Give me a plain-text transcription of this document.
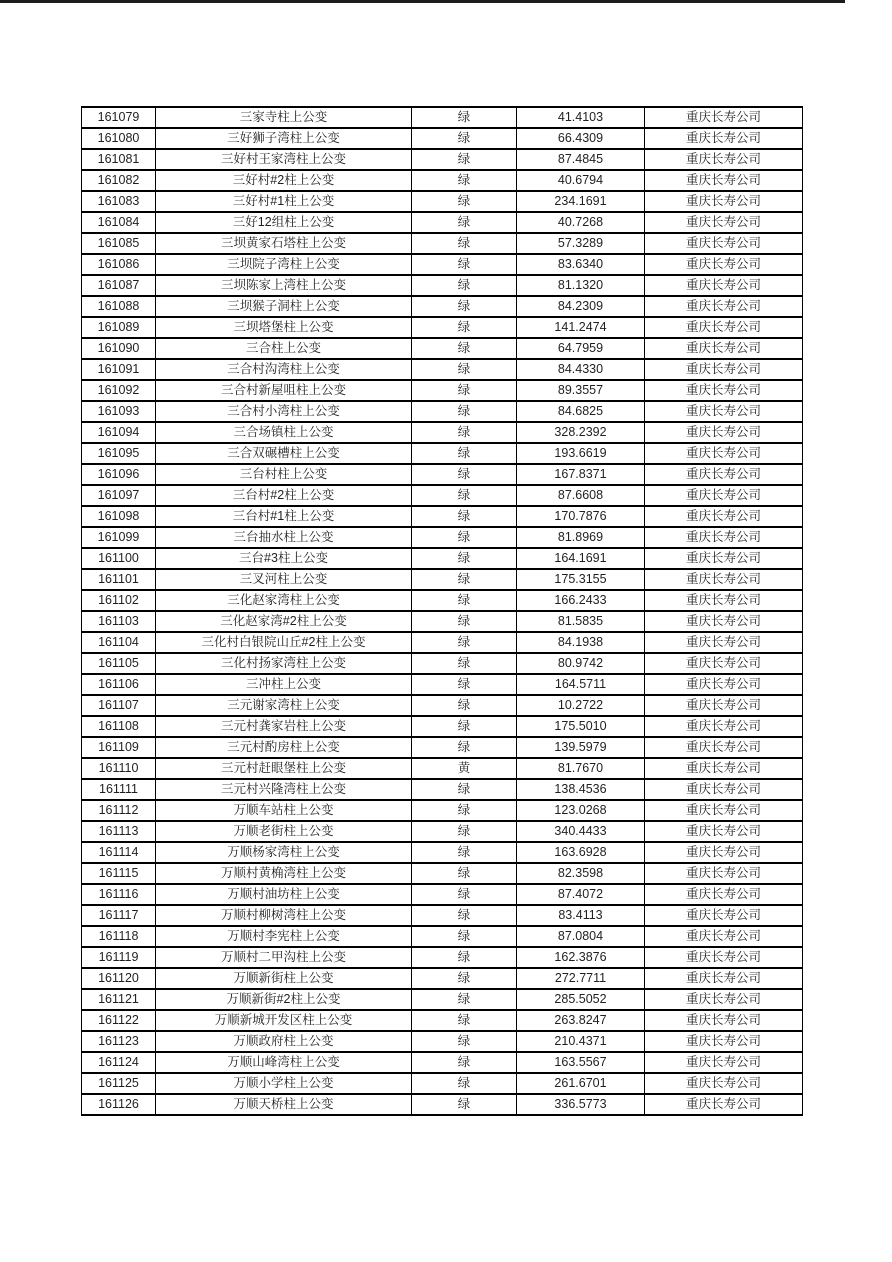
161079	三家寺柱上公变	绿	41.4103	重庆长寿公司
161080	三好狮子湾柱上公变	绿	66.4309	重庆长寿公司
161081	三好村王家湾柱上公变	绿	87.4845	重庆长寿公司
161082	三好村#2柱上公变	绿	40.6794	重庆长寿公司
161083	三好村#1柱上公变	绿	234.1691	重庆长寿公司
161084	三好12组柱上公变	绿	40.7268	重庆长寿公司
161085	三坝黄家石塔柱上公变	绿	57.3289	重庆长寿公司
161086	三坝院子湾柱上公变	绿	83.6340	重庆长寿公司
161087	三坝陈家上湾柱上公变	绿	81.1320	重庆长寿公司
161088	三坝猴子洞柱上公变	绿	84.2309	重庆长寿公司
161089	三坝塔堡柱上公变	绿	141.2474	重庆长寿公司
161090	三合柱上公变	绿	64.7959	重庆长寿公司
161091	三合村沟湾柱上公变	绿	84.4330	重庆长寿公司
161092	三合村新屋咀柱上公变	绿	89.3557	重庆长寿公司
161093	三合村小湾柱上公变	绿	84.6825	重庆长寿公司
161094	三合场镇柱上公变	绿	328.2392	重庆长寿公司
161095	三合双碾槽柱上公变	绿	193.6619	重庆长寿公司
161096	三台村柱上公变	绿	167.8371	重庆长寿公司
161097	三台村#2柱上公变	绿	87.6608	重庆长寿公司
161098	三台村#1柱上公变	绿	170.7876	重庆长寿公司
161099	三台抽水柱上公变	绿	81.8969	重庆长寿公司
161100	三台#3柱上公变	绿	164.1691	重庆长寿公司
161101	三叉河柱上公变	绿	175.3155	重庆长寿公司
161102	三化赵家湾柱上公变	绿	166.2433	重庆长寿公司
161103	三化赵家湾#2柱上公变	绿	81.5835	重庆长寿公司
161104	三化村白银院山丘#2柱上公变	绿	84.1938	重庆长寿公司
161105	三化村扬家湾柱上公变	绿	80.9742	重庆长寿公司
161106	三冲柱上公变	绿	164.5711	重庆长寿公司
161107	三元谢家湾柱上公变	绿	10.2722	重庆长寿公司
161108	三元村龚家岩柱上公变	绿	175.5010	重庆长寿公司
161109	三元村酌房柱上公变	绿	139.5979	重庆长寿公司
161110	三元村赶眼堡柱上公变	黄	81.7670	重庆长寿公司
161111	三元村兴隆湾柱上公变	绿	138.4536	重庆长寿公司
161112	万顺车站柱上公变	绿	123.0268	重庆长寿公司
161113	万顺老街柱上公变	绿	340.4433	重庆长寿公司
161114	万顺杨家湾柱上公变	绿	163.6928	重庆长寿公司
161115	万顺村黄桷湾柱上公变	绿	82.3598	重庆长寿公司
161116	万顺村油坊柱上公变	绿	87.4072	重庆长寿公司
161117	万顺村柳树湾柱上公变	绿	83.4113	重庆长寿公司
161118	万顺村李宪柱上公变	绿	87.0804	重庆长寿公司
161119	万顺村二甲沟柱上公变	绿	162.3876	重庆长寿公司
161120	万顺新街柱上公变	绿	272.7711	重庆长寿公司
161121	万顺新街#2柱上公变	绿	285.5052	重庆长寿公司
161122	万顺新城开发区柱上公变	绿	263.8247	重庆长寿公司
161123	万顺政府柱上公变	绿	210.4371	重庆长寿公司
161124	万顺山峰湾柱上公变	绿	163.5567	重庆长寿公司
161125	万顺小学柱上公变	绿	261.6701	重庆长寿公司
161126	万顺天桥柱上公变	绿	336.5773	重庆长寿公司
